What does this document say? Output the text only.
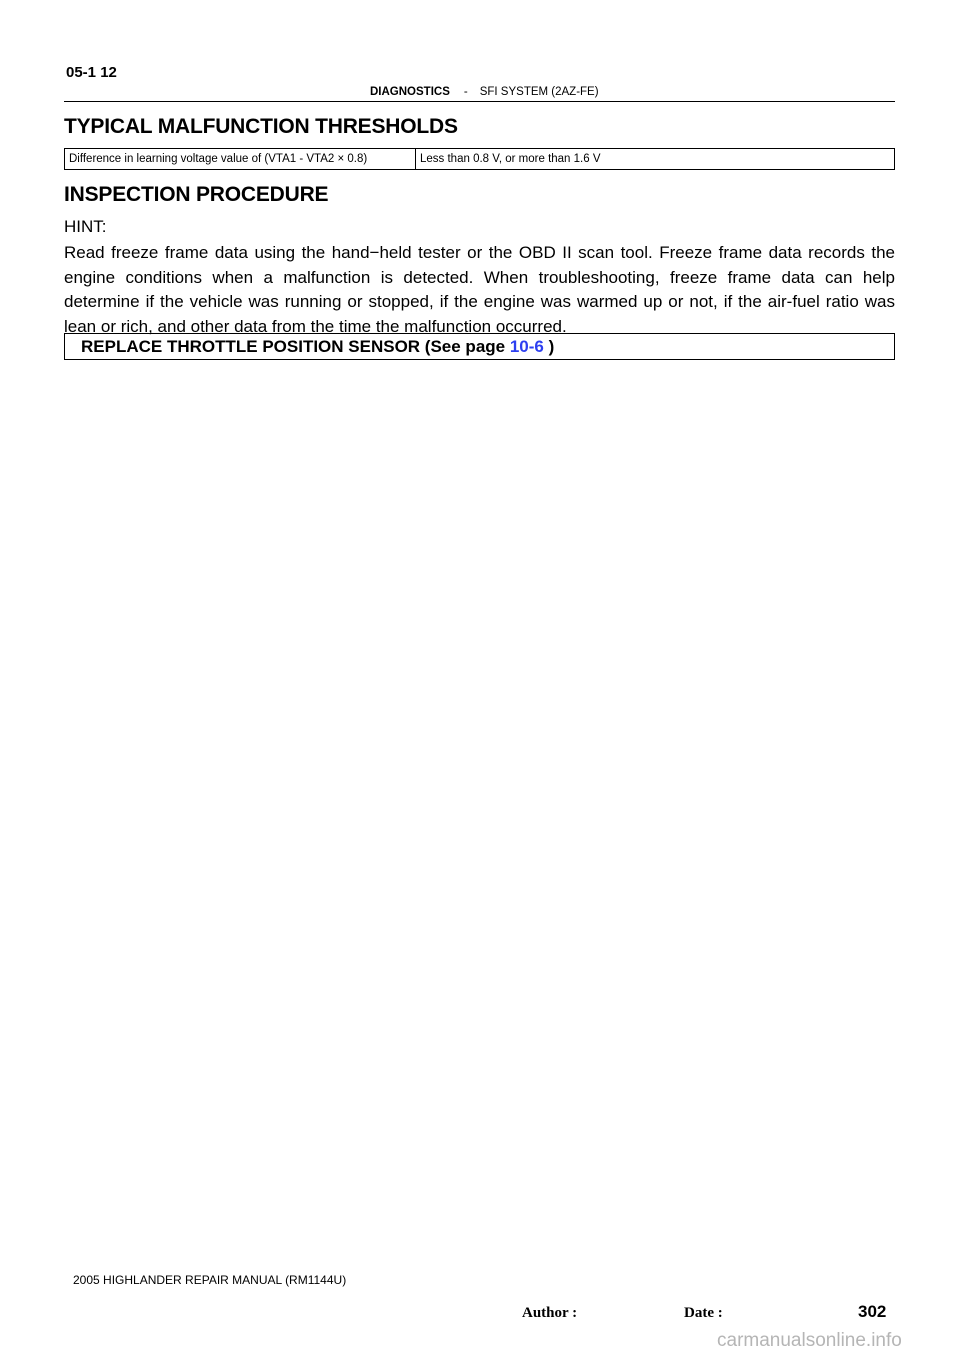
05-1 12
DIAGNOSTICS - SFI SYSTEM (2AZ-FE)
TYPICAL MALFUNCTION THRESHOLDS
Difference in learning voltage value of (VTA1 - VTA2 × 0.8)	Less than 0.8 V, or more than 1.6 V
INSPECTION PROCEDURE
HINT:
Read freeze frame data using the hand−held tester or the OBD II scan tool. Freeze frame data records the engine conditions when a malfunction is detected. When troubleshooting, freeze frame data can help determine if the vehicle was running or stopped, if the engine was warmed up or not, if the air-fuel ratio was lean or rich, and other data from the time the malfunction occurred.
REPLACE THROTTLE POSITION SENSOR (See page 10-6 )
2005 HIGHLANDER REPAIR MANUAL (RM1144U)
302
Author :	Date :
carmanualsonline.info
